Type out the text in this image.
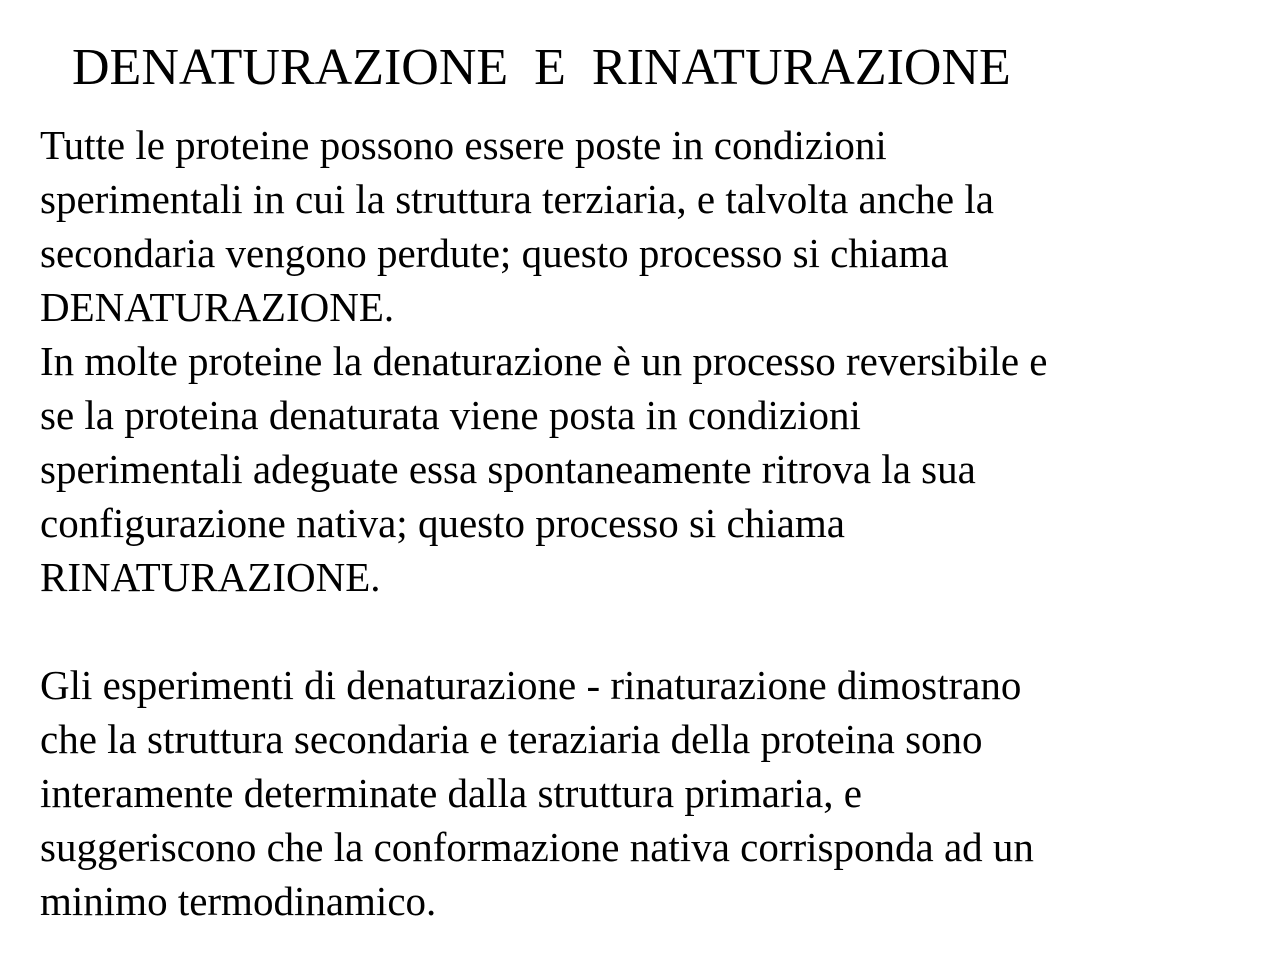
DENATURAZIONE  E  RINATURAZIONE
Tutte le proteine possono essere poste in condizioni
sperimentali in cui la struttura terziaria, e talvolta anche la
secondaria vengono perdute; questo processo si chiama
DENATURAZIONE.
In molte proteine la denaturazione è un processo reversibile e
se la proteina denaturata viene posta in condizioni
sperimentali adeguate essa spontaneamente ritrova la sua
configurazione nativa; questo processo si chiama
RINATURAZIONE.
Gli esperimenti di denaturazione - rinaturazione dimostrano
che la struttura secondaria e teraziaria della proteina sono
interamente determinate dalla struttura primaria, e
suggeriscono che la conformazione nativa corrisponda ad un
minimo termodinamico.
